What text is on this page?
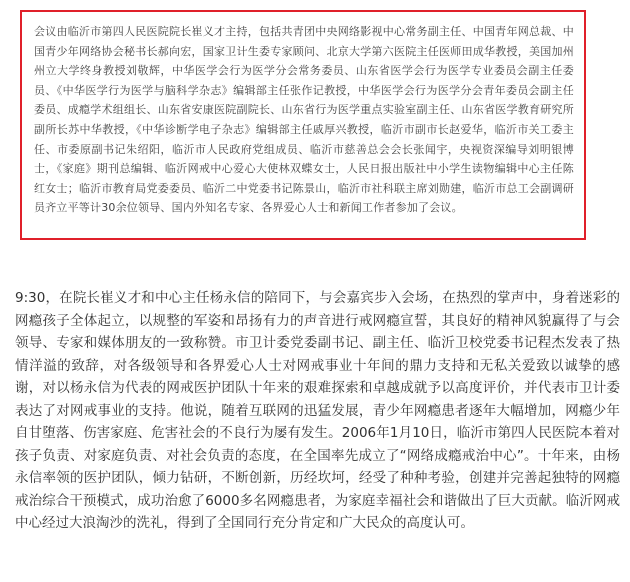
会议由临沂市第四人民医院院长崔义才主持，包括共青团中央网络影视中心常务副主任、中国青年网总裁、中国青少年网络协会秘书长郝向宏，国家卫计生委专家顾问、北京大学第六医院主任医师田成华教授，美国加州州立大学终身教授刘敬辉，中华医学会行为医学分会常务委员、山东省医学会行为医学专业委员会副主任委员、《中华医学行为医学与脑科学杂志》编辑部主任张作记教授，中华医学会行为医学分会青年委员会副主任委员、成瘾学术组组长、山东省安康医院副院长、山东省行为医学重点实验室副主任、山东省医学教育研究所副所长苏中华教授，《中华诊断学电子杂志》编辑部主任戚厚兴教授，临沂市副市长赵爱华，临沂市关工委主任、市委原副书记朱绍阳，临沂市人民政府党组成员、临沂市慈善总会会长张闻宇，央视资深编导刘明银博士，《家庭》期刊总编辑、临沂网戒中心爱心大使林双蝶女士，人民日报出版社中小学生读物编辑中心主任陈红女士；临沂市教育局党委委员、临沂二中党委书记陈景山，临沂市社科联主席刘勋建，临沂市总工会副调研员齐立平等计30余位领导、国内外知名专家、各界爱心人士和新闻工作者参加了会议。

9:30，在院长崔义才和中心主任杨永信的陪同下，与会嘉宾步入会场，在热烈的掌声中，身着迷彩的网瘾孩子全体起立，以规整的军姿和昂扬有力的声音进行戒网瘾宣誓，其良好的精神风貌赢得了与会领导、专家和媒体朋友的一致称赞。市卫计委党委副书记、副主任、临沂卫校党委书记程杰发表了热情洋溢的致辞，对各级领导和各界爱心人士对网戒事业十年间的鼎力支持和无私关爱致以诚挚的感谢，对以杨永信为代表的网戒医护团队十年来的艰难探索和卓越成就予以高度评价，并代表市卫计委表达了对网戒事业的支持。他说，随着互联网的迅猛发展，青少年网瘾患者逐年大幅增加，网瘾少年自甘堕落、伤害家庭、危害社会的不良行为屡有发生。2006年1月10日，临沂市第四人民医院本着对孩子负责、对家庭负责、对社会负责的态度，在全国率先成立了“网络成瘾戒治中心”。十年来，由杨永信率领的医护团队，倾力钻研，不断创新，历经坎坷，经受了种种考验，创建并完善起独特的网瘾戒治综合干预模式，成功治愈了6000多名网瘾患者，为家庭幸福社会和谐做出了巨大贡献。临沂网戒中心经过大浪淘沙的洗礼，得到了全国同行充分肯定和广大民众的高度认可。
